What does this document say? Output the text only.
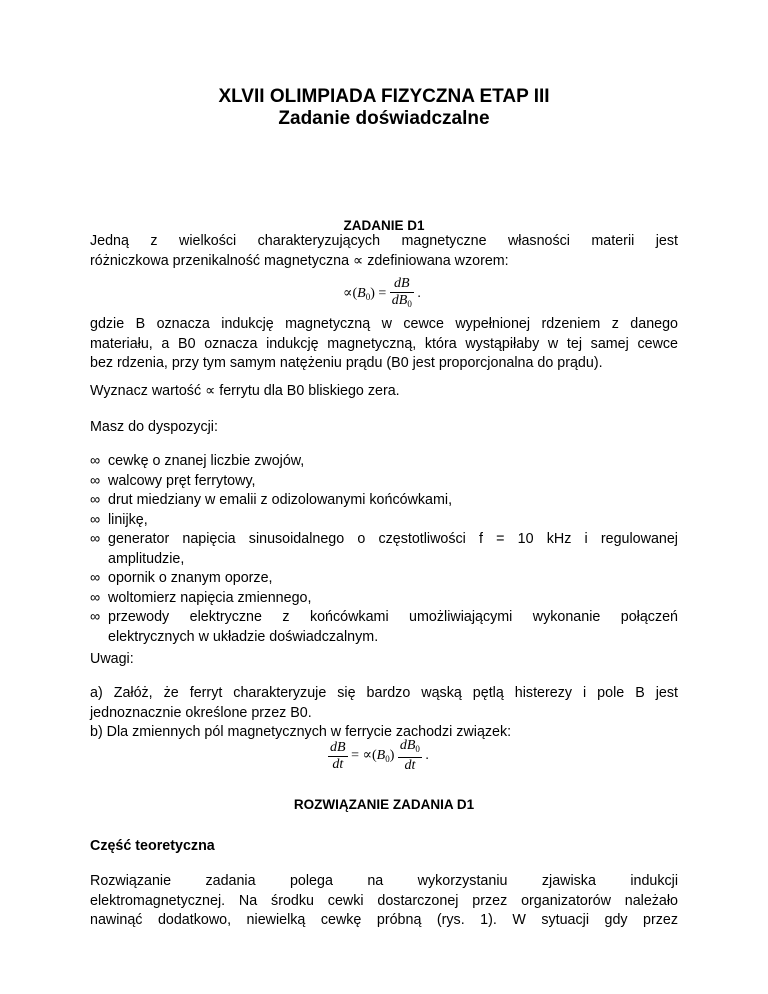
XLVII OLIMPIADA FIZYCZNA ETAP III
Zadanie doświadczalne
ZADANIE D1
Jedną z wielkości charakteryzujących magnetyczne własności materii jest
różniczkowa przenikalność magnetyczna ∝ zdefiniowana wzorem:
$\propto(B_0) = \frac{dB}{dB_0}$ .
gdzie B oznacza indukcję magnetyczną w cewce wypełnionej rdzeniem z danego
materiału, a B0 oznacza indukcję magnetyczną, która wystąpiłaby w tej samej cewce
bez rdzenia, przy tym samym natężeniu prądu (B0 jest proporcjonalna do prądu).
Wyznacz wartość ∝ ferrytu dla B0 bliskiego zera.
Masz do dyspozycji:
∞ cewkę o znanej liczbie zwojów,
∞ walcowy pręt ferrytowy,
∞ drut miedziany w emalii z odizolowanymi końcówkami,
∞ linijkę,
∞ generator napięcia sinusoidalnego o częstotliwości f = 10 kHz i regulowanej
amplitudzie,
∞ opornik o znanym oporze,
∞ woltomierz napięcia zmiennego,
∞ przewody elektryczne z końcówkami umożliwiającymi wykonanie połączeń
elektrycznych w układzie doświadczalnym.
Uwagi:
a) Załóż, że ferryt charakteryzuje się bardzo wąską pętlą histerezy i pole B jest
jednoznacznie określone przez B0.
b) Dla zmiennych pól magnetycznych w ferrycie zachodzi związek:
$\frac{dB}{dt} = \propto(B_0) \frac{dB_0}{dt}$ .
ROZWIĄZANIE ZADANIA D1
Część teoretyczna
Rozwiązanie zadania polega na wykorzystaniu zjawiska indukcji
elektromagnetycznej. Na środku cewki dostarczonej przez organizatorów należało
nawinąć dodatkowo, niewielką cewkę próbną (rys. 1). W sytuacji gdy przez
